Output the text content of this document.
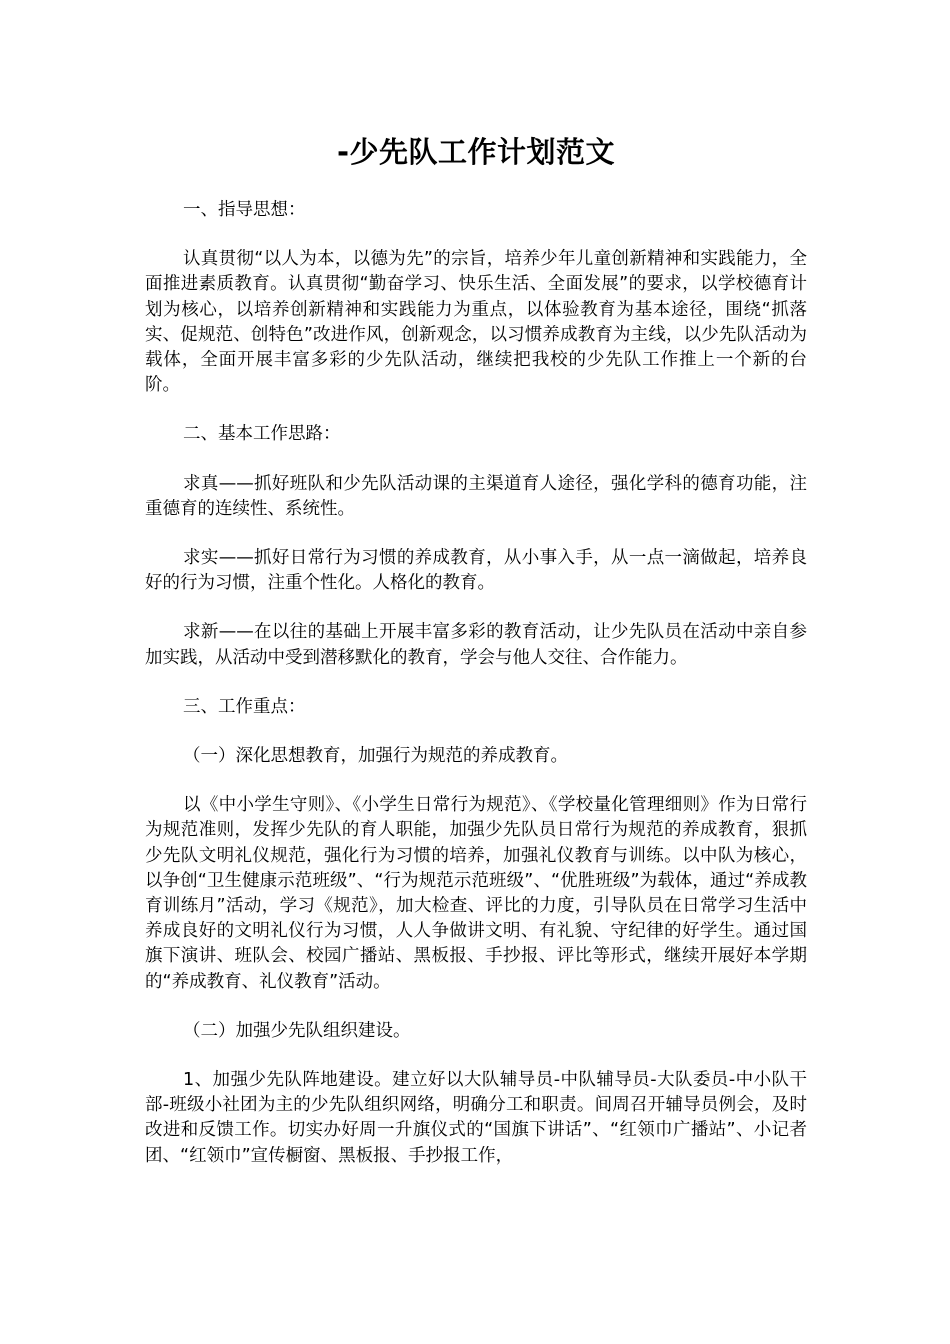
-少先队工作计划范文
一、指导思想：
认真贯彻“以人为本，以德为先”的宗旨，培养少年儿童创新精神和实践能力，全面推进素质教育。认真贯彻“勤奋学习、快乐生活、全面发展”的要求，以学校德育计划为核心，以培养创新精神和实践能力为重点，以体验教育为基本途径，围绕“抓落实、促规范、创特色”改进作风，创新观念，以习惯养成教育为主线，以少先队活动为载体，全面开展丰富多彩的少先队活动，继续把我校的少先队工作推上一个新的台阶。
二、基本工作思路：
求真——抓好班队和少先队活动课的主渠道育人途径，强化学科的德育功能，注重德育的连续性、系统性。
求实——抓好日常行为习惯的养成教育，从小事入手，从一点一滴做起，培养良好的行为习惯，注重个性化。人格化的教育。
求新——在以往的基础上开展丰富多彩的教育活动，让少先队员在活动中亲自参加实践，从活动中受到潜移默化的教育，学会与他人交往、合作能力。
三、工作重点：
（一）深化思想教育，加强行为规范的养成教育。
以《中小学生守则》、《小学生日常行为规范》、《学校量化管理细则》作为日常行为规范准则，发挥少先队的育人职能，加强少先队员日常行为规范的养成教育，狠抓少先队文明礼仪规范，强化行为习惯的培养，加强礼仪教育与训练。以中队为核心，以争创“卫生健康示范班级”、“行为规范示范班级”、“优胜班级”为载体，通过“养成教育训练月”活动，学习《规范》，加大检查、评比的力度，引导队员在日常学习生活中养成良好的文明礼仪行为习惯，人人争做讲文明、有礼貌、守纪律的好学生。通过国旗下演讲、班队会、校园广播站、黑板报、手抄报、评比等形式，继续开展好本学期的“养成教育、礼仪教育”活动。
（二）加强少先队组织建设。
1、加强少先队阵地建设。建立好以大队辅导员-中队辅导员-大队委员-中小队干部-班级小社团为主的少先队组织网络，明确分工和职责。间周召开辅导员例会，及时改进和反馈工作。切实办好周一升旗仪式的“国旗下讲话”、“红领巾广播站”、小记者团、“红领巾”宣传橱窗、黑板报、手抄报工作，
